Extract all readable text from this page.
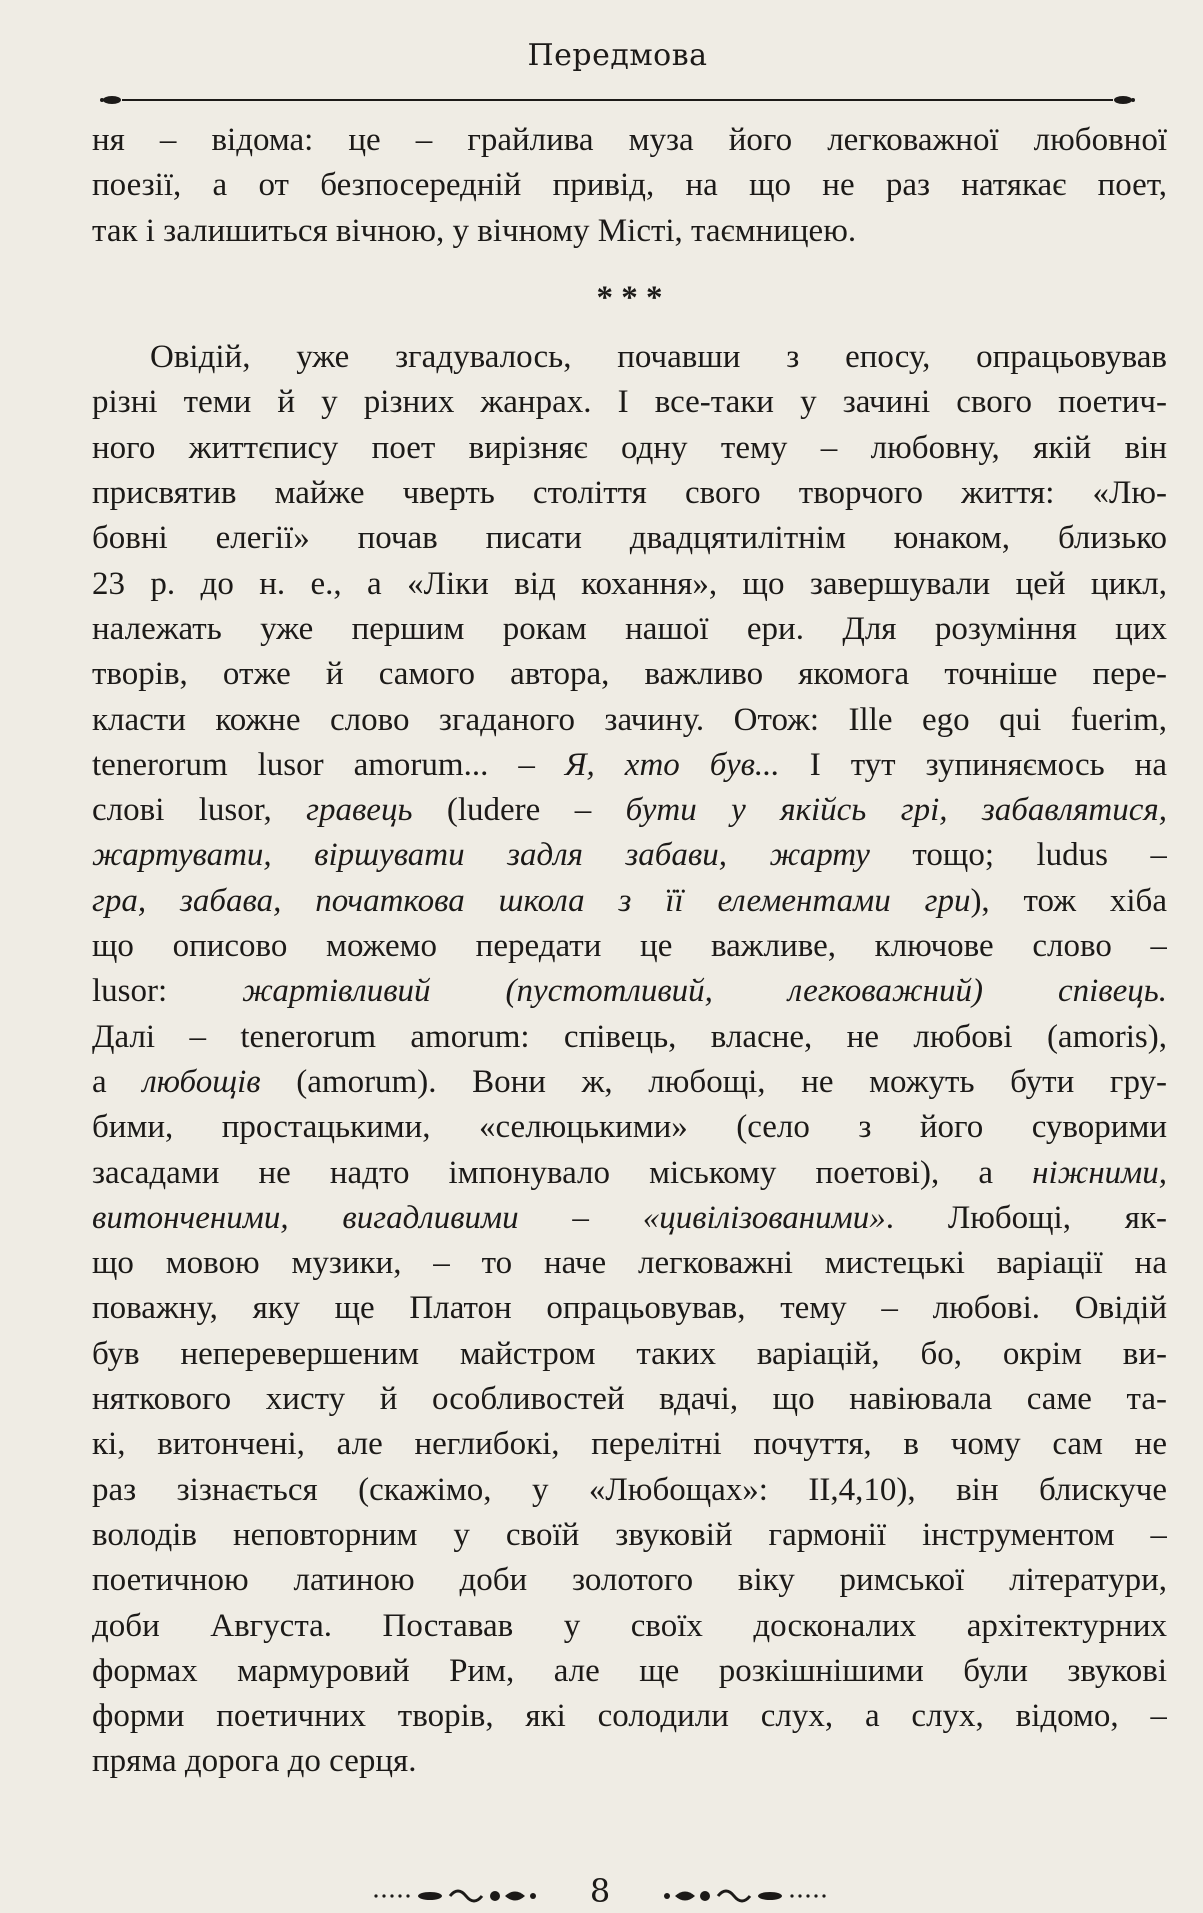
Передмова
ня – відома: це – грайлива муза його легковажної любовної
поезії, а от безпосередній привід, на що не раз натякає поет,
так і залишиться вічною, у вічному Місті, таємницею.
* * *
Овідій, уже згадувалось, почавши з епосу, опрацьовував
різні теми й у різних жанрах. І все-таки у зачині свого поетич-
ного життєпису поет вирізняє одну тему – любовну, якій він
присвятив майже чверть століття свого творчого життя: «Лю-
бовні елегії» почав писати двадцятилітнім юнаком, близько
23 р. до н. е., а «Ліки від кохання», що завершували цей цикл,
належать уже першим рокам нашої ери. Для розуміння цих
творів, отже й самого автора, важливо якомога точніше пере-
класти кожне слово згаданого зачину. Отож: Ille ego qui fuerim,
tenerorum lusor amorum... – Я, хто був... І тут зупиняємось на
слові lusor, гравець (ludere – бути у якійсь грі, забавлятися,
жартувати, віршувати задля забави, жарту тощо; ludus –
гра, забава, початкова школа з її елементами гри), тож хіба
що описово можемо передати це важливе, ключове слово –
lusor: жартівливий (пустотливий, легковажний) співець.
Далі – tenerorum amorum: співець, власне, не любові (amoris),
а любощів (amorum). Вони ж, любощі, не можуть бути гру-
бими, простацькими, «селюцькими» (село з його суворими
засадами не надто імпонувало міському поетові), а ніжними,
витонченими, вигадливими – «цивілізованими». Любощі, як-
що мовою музики, – то наче легковажні мистецькі варіації на
поважну, яку ще Платон опрацьовував, тему – любові. Овідій
був неперевершеним майстром таких варіацій, бо, окрім ви-
няткового хисту й особливостей вдачі, що навіювала саме та-
кі, витончені, але неглибокі, перелітні почуття, в чому сам не
раз зізнається (скажімо, у «Любощах»: II,4,10), він блискуче
володів неповторним у своїй звуковій гармонії інструментом –
поетичною латиною доби золотого віку римської літератури,
доби Августа. Поставав у своїх досконалих архітектурних
формах мармуровий Рим, але ще розкішнішими були звукові
форми поетичних творів, які солодили слух, а слух, відомо, –
пряма дорога до серця.
8
